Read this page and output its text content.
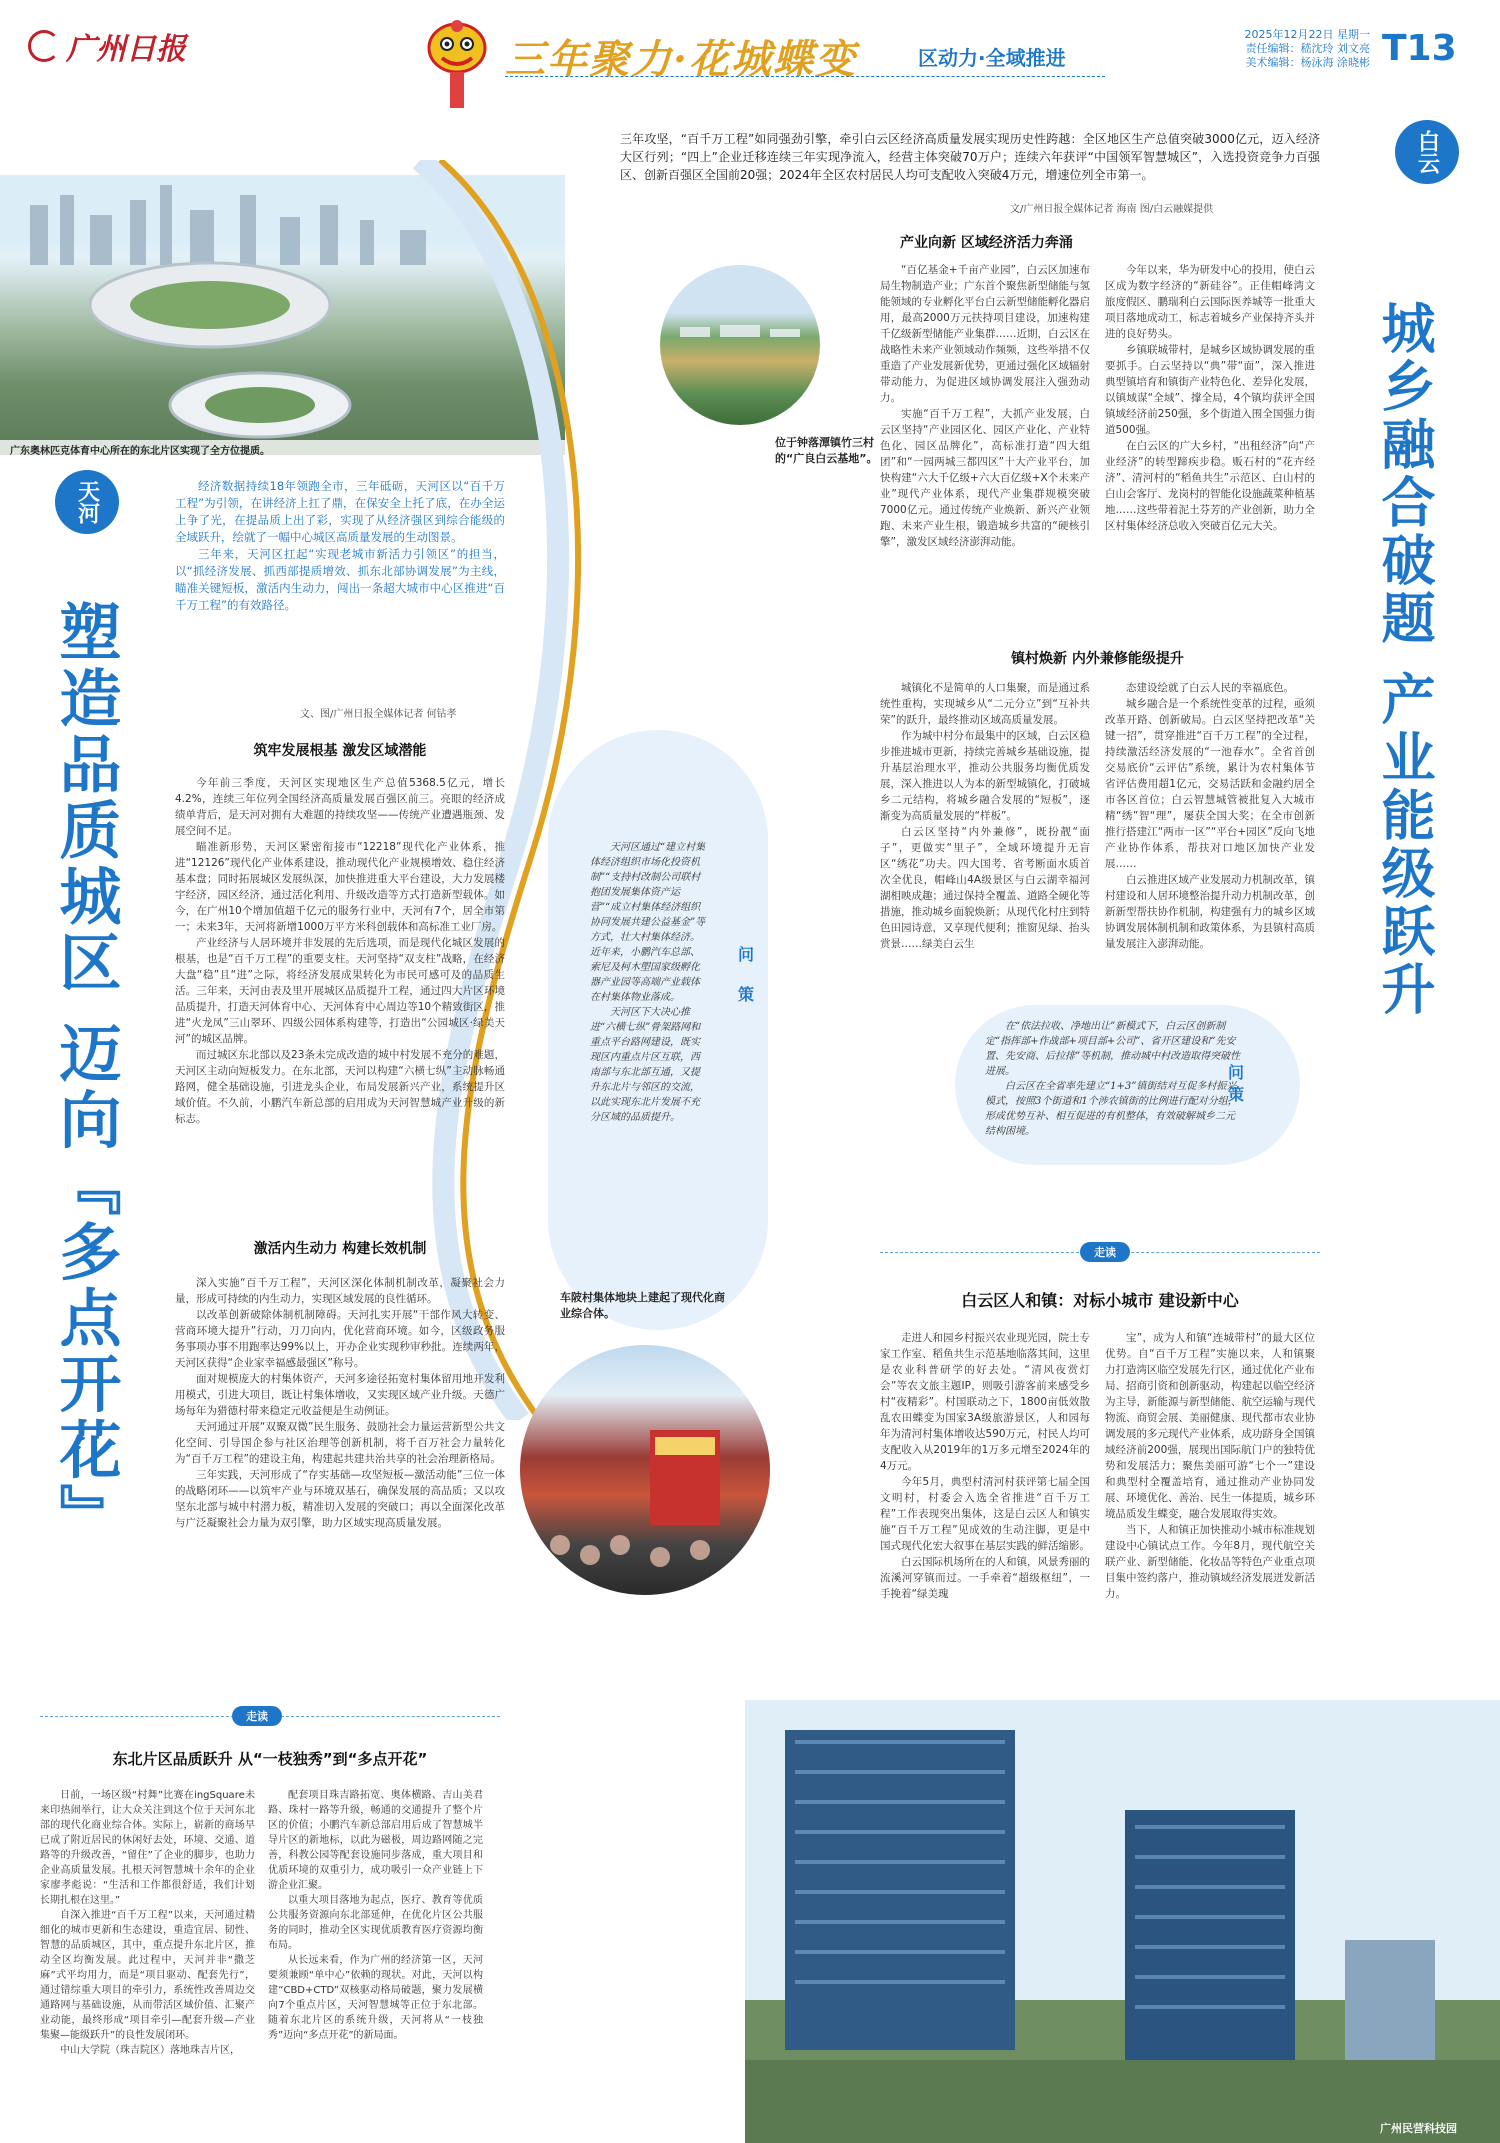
广州日报	三年聚力·花城蝶变	区动力·全域推进
2025年12月22日 星期一
责任编辑：嵇沈玲 刘文亮
美术编辑：杨泳海 涂晓彬 T13
广东奥林匹克体育中心所在的东北片区实现了全方位提质。
白云
城乡融合破题 产业能级跃升
三年攻坚，“百千万工程”如同强劲引擎，牵引白云区经济高质量发展实现历史性跨越：全区地区生产总值突破3000亿元，迈入经济大区行列；“四上”企业迁移连续三年实现净流入，经营主体突破70万户；连续六年获评“中国领军智慧城区”，入选投资竞争力百强区、创新百强区全国前20强；2024年全区农村居民人均可支配收入突破4万元，增速位列全市第一。
文/广州日报全媒体记者 海南 图/白云融媒提供
位于钟落潭镇竹三村的“广良白云基地”。
产业向新 区域经济活力奔涌

“百亿基金+千亩产业园”，白云区加速布局生物制造产业；广东首个聚焦新型储能与氢能领域的专业孵化平台白云新型储能孵化器启用，最高2000万元扶持项目建设，加速构建千亿级新型储能产业集群……近期，白云区在战略性未来产业领域动作频频，这些举措不仅重造了产业发展新优势，更通过强化区域辐射带动能力，为促进区域协调发展注入强劲动力。

实施“百千万工程”，大抓产业发展，白云区坚持“产业园区化、园区产业化、产业特色化、园区品牌化”，高标准打造“四大组团”和“一园两城三都四区”十大产业平台，加快构建“六大千亿级+六大百亿级+X个未来产业”现代产业体系，现代产业集群规模突破7000亿元。通过传统产业焕新、新兴产业领跑、未来产业生根，锻造城乡共富的“硬核引擎”，激发区域经济澎湃动能。

今年以来，华为研发中心的投用，使白云区成为数字经济的“新硅谷”。正佳帽峰湾文旅度假区、鹏瑞利白云国际医养城等一批重大项目落地成动工，标志着城乡产业保持齐头并进的良好势头。

乡镇联城带村，是城乡区域协调发展的重要抓手。白云坚持以“典”带“面”，深入推进典型镇培育和镇街产业特色化、差异化发展，以镇域谋“全域”、撑全局，4个镇均获评全国镇域经济前250强，多个街道入围全国强力街道500强。

在白云区的广大乡村，“出租经济”向“产业经济”的转型蹄疾步稳。贩石村的“花卉经济”、清河村的“稻鱼共生”示范区、白山村的白山会客厅、龙岗村的智能化设施蔬菜种植基地……这些带着泥土芬芳的产业创新，助力全区村集体经济总收入突破百亿元大关。

镇村焕新 内外兼修能级提升

城镇化不是简单的人口集聚，而是通过系统性重构，实现城乡从“二元分立”到“互补共荣”的跃升，最终推动区域高质量发展。

作为城中村分布最集中的区域，白云区稳步推进城市更新，持续完善城乡基础设施，提升基层治理水平，推动公共服务均衡优质发展，深入推进以人为本的新型城镇化，打破城乡二元结构，将城乡融合发展的“短板”，逐渐变为高质量发展的“样板”。

白云区坚持“内外兼修”，既扮靓“面子”，更做实“里子”，全域环境提升无盲区“绣花”功夫。四大国考、省考断面水质首次全优良，帽峰山4A级景区与白云湖幸福河湖相映成趣；通过保持全覆盖、道路全硬化等措施，推动城乡面貌焕新；从现代化村庄到特色田园诗意，又享现代便利；推窗见绿、抬头赏景……绿美白云生

态建设绘就了白云人民的幸福底色。

城乡融合是一个系统性变革的过程，亟须改革开路、创新破局。白云区坚持把改革“关键一招”，贯穿推进“百千万工程”的全过程，持续激活经济发展的“一池春水”。全省首创交易底价“云评估”系统，累计为农村集体节省评估费用超1亿元，交易活跃和金融约居全市各区首位；白云智慧城管被批复入大城市精“绣”智“理”，屡获全国大奖；在全市创新推行搭建江“两市一区”“平台+园区”反向飞地产业协作体系，帮扶对口地区加快产业发展……

白云推进区域产业发展动力机制改革，镇村建设和人居环境整治提升动力机制改革，创新新型帮扶协作机制，构建强有力的城乡区域协调发展体制机制和政策体系，为县镇村高质量发展注入澎湃动能。

在“依法拉收、净地出让”新模式下，白云区创新制定“指挥部+作战部+项目部+公司”、省开区建设和“先安置、先安商、后拉排”等机制，推动城中村改造取得突破性进展。

白云区在全省率先建立“1+3”镇街结对互促多村振兴模式，按照3个街道和1个涉农镇街的比例进行配对分组，形成优势互补、相互促进的有机整体，有效破解城乡二元结构困境。

问策
走读
白云区人和镇：对标小城市 建设新中心

走进人和园乡村振兴农业现光园，院士专家工作室、稻鱼共生示范基地临落其间，这里是农业科普研学的好去处。“清风夜赏灯会”等农文旅主题IP，则吸引游客前来感受乡村“夜精彩”。村国联动之下，1800亩低效散乱农田蝶变为国家3A级旅游景区，人和园每年为清河村集体增收达590万元，村民人均可支配收入从2019年的1万多元增至2024年的4万元。

今年5月，典型村清河村获评第七届全国文明村，村委会入选全省推进“百千万工程”工作表现突出集体，这是白云区人和镇实施“百千万工程”见成效的生动注脚，更是中国式现代化宏大叙事在基层实践的鲜活缩影。

白云国际机场所在的人和镇，风景秀丽的流溪河穿镇而过。一手牵着“超级枢纽”，一手挽着“绿美瑰

宝”，成为人和镇“连城带村”的最大区位优势。自“百千万工程”实施以来，人和镇聚力打造湾区临空发展先行区，通过优化产业布局、招商引资和创新驱动，构建起以临空经济为主导，新能源与新型储能、航空运输与现代物流、商贸会展、美丽健康、现代都市农业协调发展的多元现代产业体系，成功跻身全国镇域经济前200强，展现出国际航门户的独特优势和发展活力；聚焦美丽可游“七个一”建设和典型村全覆盖培育，通过推动产业协同发展、环境优化、善治、民生一体提质，城乡环境品质发生蝶变，融合发展取得实效。

当下，人和镇正加快推动小城市标准规划建设中心镇试点工作。今年8月，现代航空关联产业、新型储能、化妆品等特色产业重点项目集中签约落户，推动镇域经济发展迸发新活力。

广州民营科技园
天河
塑造品质城区 迈向『多点开花』

经济数据持续18年领跑全市，三年砥砺，天河区以“百千万工程”为引领，在讲经济上扛了鼎，在保安全上托了底，在办全运上争了光，在提品质上出了彩，实现了从经济强区到综合能级的全域跃升，绘就了一幅中心城区高质量发展的生动图景。

三年来，天河区扛起“实现老城市新活力引领区”的担当，以“抓经济发展、抓西部提质增效、抓东北部协调发展”为主线，瞄准关键短板，激活内生动力，闯出一条超大城市中心区推进“百千万工程”的有效路径。

文、图/广州日报全媒体记者 何钻孝
筑牢发展根基 激发区域潜能

今年前三季度，天河区实现地区生产总值5368.5亿元，增长4.2%，连续三年位列全国经济高质量发展百强区前三。亮眼的经济成绩单背后，是天河对拥有大难题的持续攻坚——传统产业遭遇瓶颈、发展空间不足。

瞄准新形势，天河区紧密衔接市“12218”现代化产业体系，推进“12126”现代化产业体系建设，推动现代化产业规模增效、稳住经济基本盘；同时拓展城区发展纵深，加快推进重大平台建设，大力发展楼宇经济，园区经济，通过活化利用、升级改造等方式打造新型载体。如今，在广州10个增加值超千亿元的服务行业中，天河有7个，居全市第一；未来3年，天河将新增1000万平方米科创载体和高标准工业厂房。

产业经济与人居环境并非发展的先后选项，而是现代化城区发展的根基，也是“百千万工程”的重要支柱。天河坚持“双支柱”战略，在经济大盘“稳”且“进”之际，将经济发展成果转化为市民可感可及的品质生活。三年来，天河由表及里开展城区品质提升工程，通过四大片区环境品质提升，打造天河体育中心、天河体育中心周边等10个精致街区，推进“火龙凤”三山翠环、四级公园体系构建等，打造出“公园城区·绿美天河”的城区品牌。

而过城区东北部以及23条未完成改造的城中村发展不充分的难题，天河区主动向短板发力。在东北部，天河以构建“六横七纵”主动脉畅通路网，健全基础设施，引进龙头企业，布局发展新兴产业，系统提升区域价值。不久前，小鹏汽车新总部的启用成为天河智慧城产业升级的新标志。

激活内生动力 构建长效机制

深入实施“百千万工程”，天河区深化体制机制改革，凝聚社会力量，形成可持续的内生动力，实现区域发展的良性循环。

以改革创新破除体制机制障碍。天河扎实开展“干部作风大转变、营商环境大提升”行动，刀刀向内，优化营商环境。如今，区级政务服务事项办事不用跑率达99%以上，开办企业实现秒审秒批。连续两年，天河区获得“企业家幸福感最强区”称号。

面对规模庞大的村集体资产，天河多途径拓宽村集体留用地开发利用模式，引进大项目，既让村集体增收，又实现区域产业升级。天德广场每年为猎德村带来稳定元收益便是生动例证。

天河通过开展“双聚双微”民生服务、鼓励社会力量运营新型公共文化空间、引导国企参与社区治理等创新机制，将千百万社会力量转化为“百千万工程”的建设主角，构建起共建共治共享的社会治理新格局。

三年实践，天河形成了“存实基础—攻坚短板—激活动能”三位一体的战略闭环——以筑牢产业与环境双基石，确保发展的高品质；又以攻坚东北部与城中村潜力板，精准切入发展的突破口；再以全面深化改革与广泛凝聚社会力量为双引擎，助力区域实现高质量发展。

天河区通过“建立村集体经济组织市场化投资机制”“支持村改制公司联村抱团发展集体资产运营”“成立村集体经济组织协同发展共建公益基金”等方式，壮大村集体经济。近年来，小鹏汽车总部、索尼及柯木塱国家级孵化器产业园等高端产业载体在村集体物业落成。

天河区下大决心推进“六横七纵”骨架路网和重点平台路网建设，既实现区内重点片区互联，西南部与东北部互通，又提升东北片与邻区的交流，以此实现东北片发展不充分区域的品质提升。

问策
车陂村集体地块上建起了现代化商业综合体。
走读
东北片区品质跃升 从“一枝独秀”到“多点开花”

日前，一场区级“村舞”比赛在ingSquare未来印热闹举行，让大众关注到这个位于天河东北部的现代化商业综合体。实际上，崭新的商场早已成了附近居民的休闲好去处，环境、交通、道路等的升级改善，“留住”了企业的脚步，也助力企业高质量发展。扎根天河智慧城十余年的企业家廖孝彪说：“生活和工作都很舒适，我们计划长期扎根在这里。”

自深入推进“百千万工程”以来，天河通过精细化的城市更新和生态建设，重造宜居、韧性、智慧的品质城区，其中，重点提升东北片区，推动全区均衡发展。此过程中，天河并非“撒芝麻”式平均用力，而是“项目驱动、配套先行”，通过错综重大项目的牵引力，系统性改善周边交通路网与基础设施，从而带活区域价值、汇聚产业动能，最终形成“项目牵引—配套升级—产业集聚—能级跃升”的良性发展闭环。

中山大学院（珠吉院区）落地珠吉片区，

配套项目珠吉路拓宽、奥体横路、吉山美君路、珠村一路等升级，畅通的交通提升了整个片区的价值；小鹏汽车新总部启用后成了智慧城半导片区的新地标，以此为磁极，周边路网随之完善，科教公园等配套设施同步落成，重大项目和优质环境的双重引力，成功吸引一众产业链上下游企业汇聚。

以重大项目落地为起点，医疗、教育等优质公共服务资源向东北部延伸，在优化片区公共服务的同时，推动全区实现优质教育医疗资源均衡布局。

从长远来看，作为广州的经济第一区，天河要须兼顾“单中心”依赖的现状。对此，天河以构建“CBD+CTD”双核驱动格局破题，聚力发展横向7个重点片区，天河智慧城等正位于东北部。随着东北片区的系统升级，天河将从“一枝独秀”迈向“多点开花”的新局面。
